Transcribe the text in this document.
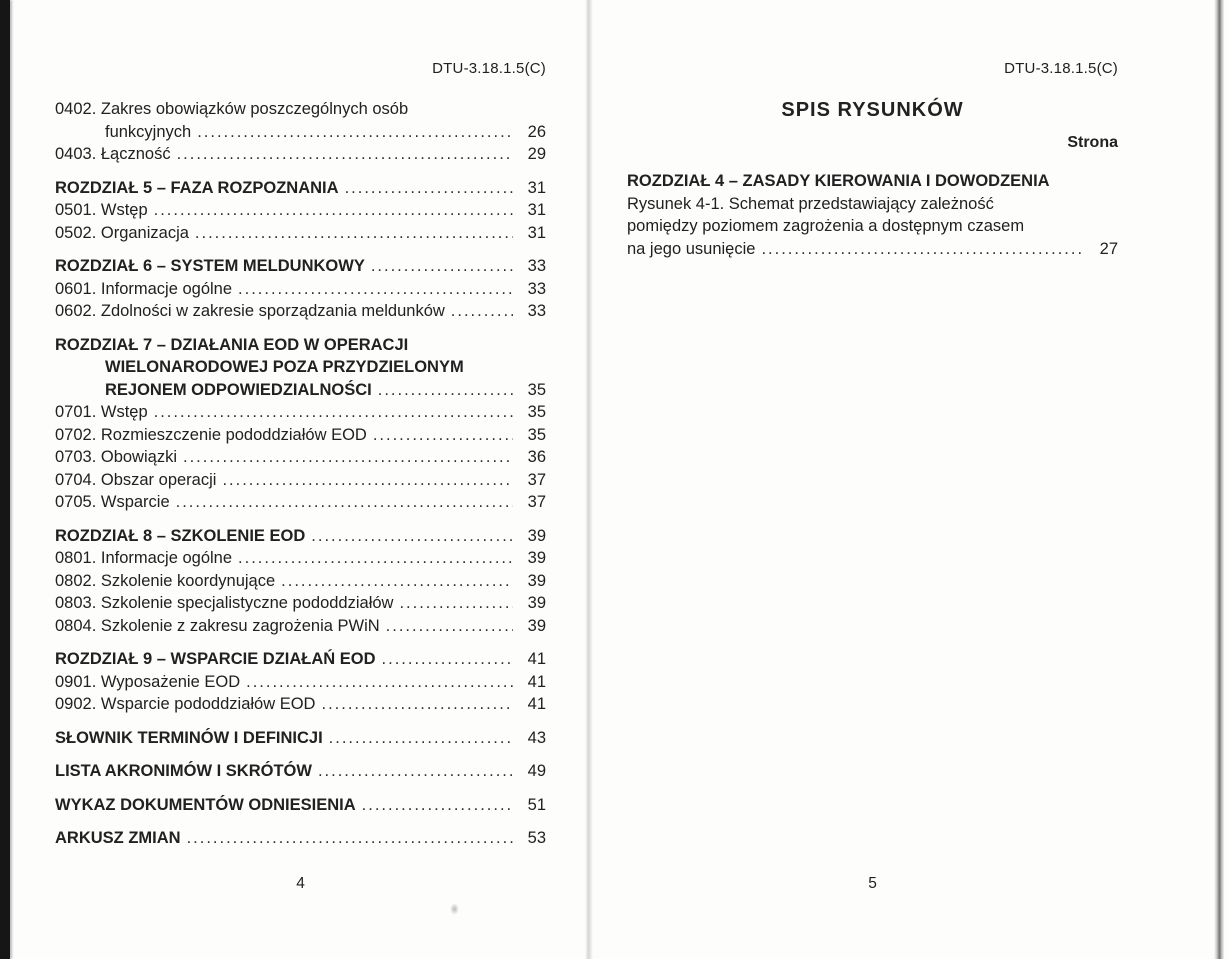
DTU-3.18.1.5(C)
0402. Zakres obowiązków poszczególnych osób
funkcyjnych .....	26
0403. Łączność .....	29
ROZDZIAŁ 5 – FAZA ROZPOZNANIA .....	31
0501. Wstęp .....	31
0502. Organizacja .....	31
ROZDZIAŁ 6 – SYSTEM MELDUNKOWY .....	33
0601. Informacje ogólne .....	33
0602. Zdolności w zakresie sporządzania meldunków .....	33
ROZDZIAŁ 7 – DZIAŁANIA EOD W OPERACJI
WIELONARODOWEJ POZA PRZYDZIELONYM
REJONEM ODPOWIEDZIALNOŚCI .....	35
0701. Wstęp .....	35
0702. Rozmieszczenie pododdziałów EOD .....	35
0703. Obowiązki .....	36
0704. Obszar operacji .....	37
0705. Wsparcie .....	37
ROZDZIAŁ 8 – SZKOLENIE EOD .....	39
0801. Informacje ogólne .....	39
0802. Szkolenie koordynujące .....	39
0803. Szkolenie specjalistyczne pododdziałów .....	39
0804. Szkolenie z zakresu zagrożenia PWiN .....	39
ROZDZIAŁ 9 – WSPARCIE DZIAŁAŃ EOD .....	41
0901. Wyposażenie EOD .....	41
0902. Wsparcie pododdziałów EOD .....	41
SŁOWNIK TERMINÓW I DEFINICJI .....	43
LISTA AKRONIMÓW I SKRÓTÓW .....	49
WYKAZ DOKUMENTÓW ODNIESIENIA .....	51
ARKUSZ ZMIAN .....	53
4
DTU-3.18.1.5(C)
SPIS RYSUNKÓW
Strona
ROZDZIAŁ 4 – ZASADY KIEROWANIA I DOWODZENIA
Rysunek 4-1. Schemat przedstawiający zależność
pomiędzy poziomem zagrożenia a dostępnym czasem
na jego usunięcie .....	27
5
